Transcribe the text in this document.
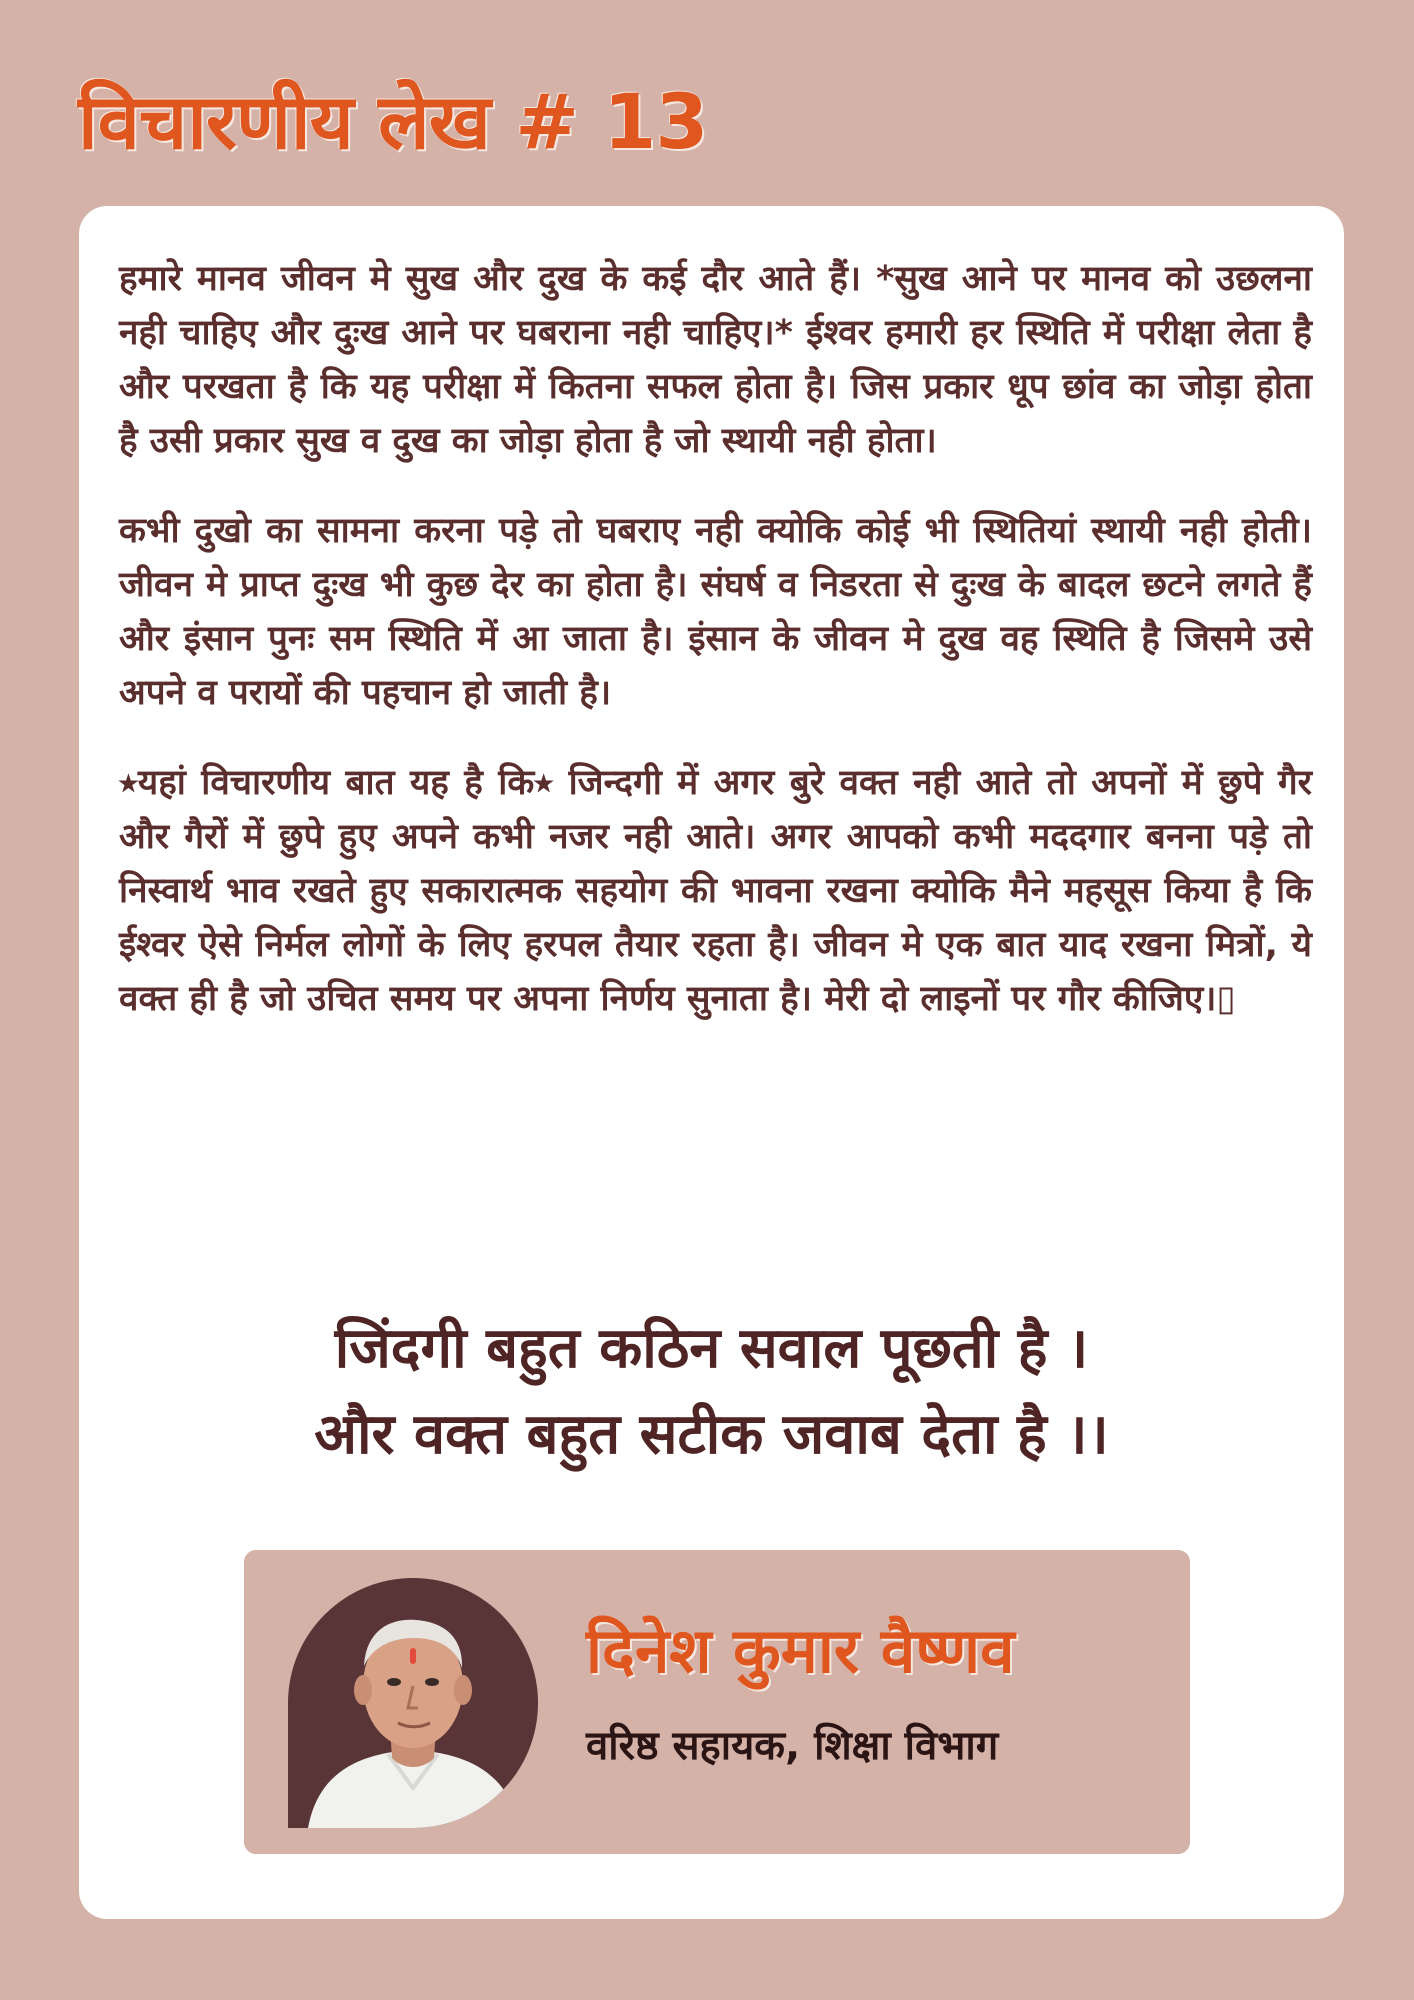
विचारणीय लेख # 13

हमारे मानव जीवन मे सुख और दुख के कई दौर आते हैं। *सुख आने पर मानव को उछलना नही चाहिए और दुःख आने पर घबराना नही चाहिए।* ईश्वर हमारी हर स्थिति में परीक्षा लेता है और परखता है कि यह परीक्षा में कितना सफल होता है। जिस प्रकार धूप छांव का जोड़ा होता है उसी प्रकार सुख व दुख का जोड़ा होता है जो स्थायी नही होता।

कभी दुखो का सामना करना पड़े तो घबराए नही क्योकि कोई भी स्थितियां स्थायी नही होती। जीवन मे प्राप्त दुःख भी कुछ देर का होता है। संघर्ष व निडरता से दुःख के बादल छटने लगते हैं और इंसान पुनः सम स्थिति में आ जाता है। इंसान के जीवन मे दुख वह स्थिति है जिसमे उसे अपने व परायों की पहचान हो जाती है।

⭑यहां विचारणीय बात यह है कि⭑ जिन्दगी में अगर बुरे वक्त नही आते तो अपनों में छुपे गैर और गैरों में छुपे हुए अपने कभी नजर नही आते। अगर आपको कभी मददगार बनना पड़े तो निस्वार्थ भाव रखते हुए सकारात्मक सहयोग की भावना रखना क्योकि मैने महसूस किया है कि ईश्वर ऐसे निर्मल लोगों के लिए हरपल तैयार रहता है। जीवन मे एक बात याद रखना मित्रों, ये वक्त ही है जो उचित समय पर अपना निर्णय सुनाता है। मेरी दो लाइनों पर गौर कीजिए।▯

जिंदगी बहुत कठिन सवाल पूछती है ।
और वक्त बहुत सटीक जवाब देता है ।।
दिनेश कुमार वैष्णव

वरिष्ठ सहायक, शिक्षा विभाग
